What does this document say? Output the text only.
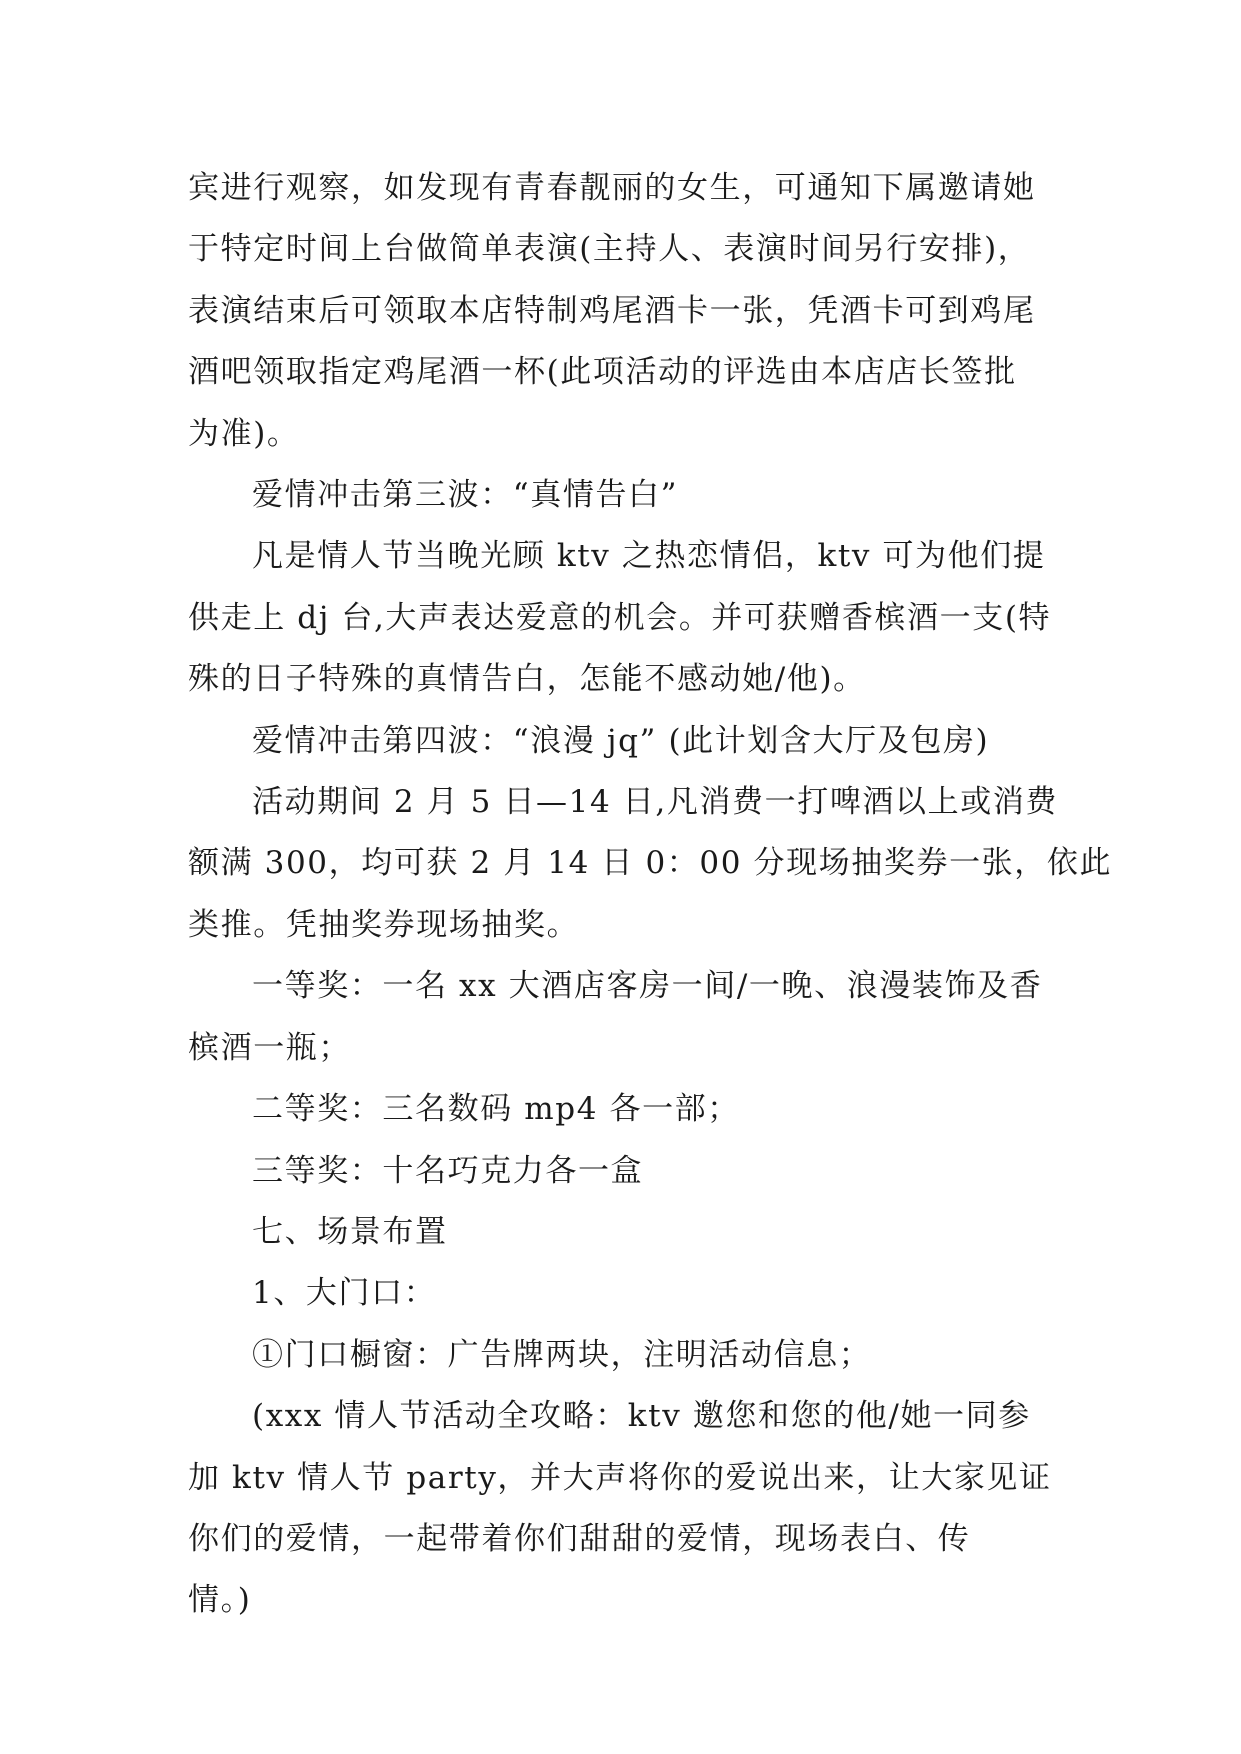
宾进行观察，如发现有青春靓丽的女生，可通知下属邀请她
于特定时间上台做简单表演(主持人、表演时间另行安排)，
表演结束后可领取本店特制鸡尾酒卡一张，凭酒卡可到鸡尾
酒吧领取指定鸡尾酒一杯(此项活动的评选由本店店长签批
为准)。

爱情冲击第三波：“真情告白”

凡是情人节当晚光顾 ktv 之热恋情侣，ktv 可为他们提
供走上 dj 台,大声表达爱意的机会。并可获赠香槟酒一支(特
殊的日子特殊的真情告白，怎能不感动她/他)。

爱情冲击第四波：“浪漫 jq” (此计划含大厅及包房)

活动期间 2 月 5 日—14 日,凡消费一打啤酒以上或消费
额满 300，均可获 2 月 14 日 0：00 分现场抽奖券一张，依此
类推。凭抽奖券现场抽奖。

一等奖：一名 xx 大酒店客房一间/一晚、浪漫装饰及香
槟酒一瓶；

二等奖：三名数码 mp4 各一部；

三等奖：十名巧克力各一盒

七、场景布置

1、大门口：

①门口橱窗：广告牌两块，注明活动信息；

(xxx 情人节活动全攻略：ktv 邀您和您的他/她一同参
加 ktv 情人节 party，并大声将你的爱说出来，让大家见证
你们的爱情，一起带着你们甜甜的爱情，现场表白、传
情。)
